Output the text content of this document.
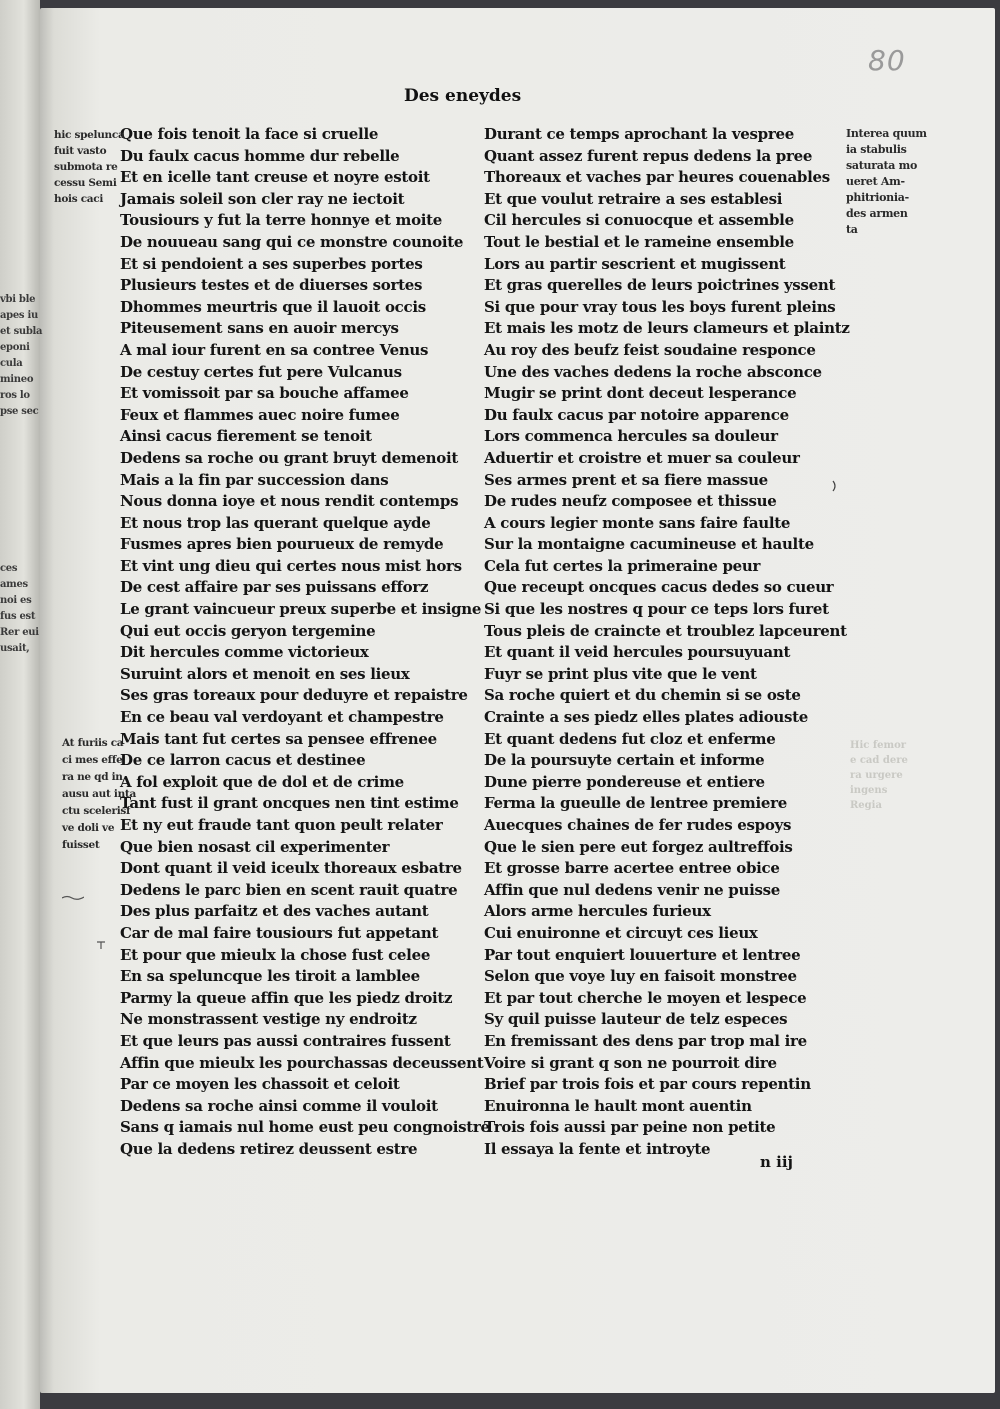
80
Des eneydes
Que fois tenoit la face si cruelle
Du faulx cacus homme dur rebelle
Et en icelle tant creuse et noyre estoit
Jamais soleil son cler ray ne iectoit
Tousiours y fut la terre honnye et moite
De nouueau sang qui ce monstre counoite
Et si pendoient a ses superbes portes
Plusieurs testes et de diuerses sortes
Dhommes meurtris que il lauoit occis
Piteusement sans en auoir mercys
A mal iour furent en sa contree Venus
De cestuy certes fut pere Vulcanus
Et vomissoit par sa bouche affamee
Feux et flammes auec noire fumee
Ainsi cacus fierement se tenoit
Dedens sa roche ou grant bruyt demenoit
Mais a la fin par succession dans
Nous donna ioye et nous rendit contemps
Et nous trop las querant quelque ayde
Fusmes apres bien pourueux de remyde
Et vint ung dieu qui certes nous mist hors
De cest affaire par ses puissans efforz
Le grant vaincueur preux superbe et insigne
Qui eut occis geryon tergemine
Dit hercules comme victorieux
Suruint alors et menoit en ses lieux
Ses gras toreaux pour deduyre et repaistre
En ce beau val verdoyant et champestre
Mais tant fut certes sa pensee effrenee
De ce larron cacus et destinee
A fol exploit que de dol et de crime
Tant fust il grant oncques nen tint estime
Et ny eut fraude tant quon peult relater
Que bien nosast cil experimenter
Dont quant il veid iceulx thoreaux esbatre
Dedens le parc bien en scent rauit quatre
Des plus parfaitz et des vaches autant
Car de mal faire tousiours fut appetant
Et pour que mieulx la chose fust celee
En sa speluncque les tiroit a lamblee
Parmy la queue affin que les piedz droitz
Ne monstrassent vestige ny endroitz
Et que leurs pas aussi contraires fussent
Affin que mieulx les pourchassas deceussent
Par ce moyen les chassoit et celoit
Dedens sa roche ainsi comme il vouloit
Sans q iamais nul home eust peu congnoistre
Que la dedens retirez deussent estre
Durant ce temps aprochant la vespree
Quant assez furent repus dedens la pree
Thoreaux et vaches par heures couenables
Et que voulut retraire a ses establesi
Cil hercules si conuocque et assemble
Tout le bestial et le rameine ensemble
Lors au partir sescrient et mugissent
Et gras querelles de leurs poictrines yssent
Si que pour vray tous les boys furent pleins
Et mais les motz de leurs clameurs et plaintz
Au roy des beufz feist soudaine responce
Une des vaches dedens la roche absconce
Mugir se print dont deceut lesperance
Du faulx cacus par notoire apparence
Lors commenca hercules sa douleur
Aduertir et croistre et muer sa couleur
Ses armes prent et sa fiere massue
De rudes neufz composee et thissue
A cours legier monte sans faire faulte
Sur la montaigne cacumineuse et haulte
Cela fut certes la primeraine peur
Que receupt oncques cacus dedes so cueur
Si que les nostres q pour ce teps lors furet
Tous pleis de craincte et troublez lapceurent
Et quant il veid hercules poursuyuant
Fuyr se print plus vite que le vent
Sa roche quiert et du chemin si se oste
Crainte a ses piedz elles plates adiouste
Et quant dedens fut cloz et enferme
De la poursuyte certain et informe
Dune pierre pondereuse et entiere
Ferma la gueulle de lentree premiere
Auecques chaines de fer rudes espoys
Que le sien pere eut forgez aultreffois
Et grosse barre acertee entree obice
Affin que nul dedens venir ne puisse
Alors arme hercules furieux
Cui enuironne et circuyt ces lieux
Par tout enquiert louuerture et lentree
Selon que voye luy en faisoit monstree
Et par tout cherche le moyen et lespece
Sy quil puisse lauteur de telz especes
En fremissant des dens par trop mal ire
Voire si grant q son ne pourroit dire
Brief par trois fois et par cours repentin
Enuironna le hault mont auentin
Trois fois aussi par peine non petite
Il essaya la fente et introyte
hic spelunca
fuit vasto
submota re
cessu Semi
hois caci
At furiis ca
ci mes effe
ra ne qd in
ausu aut inta
ctu scelerisf
ve doli ve
fuisset
Interea quum
ia stabulis
saturata mo
ueret Am-
phitrionia-
des armen
ta
vbi ble
apes iu
et subla
eponi
cula
mineo
ros lo
pse sec
ces
ames
noi es
fus est
Rer eui
usait,
Hic femor
e cad dere
ra urgere
ingens
Regia
n iij
